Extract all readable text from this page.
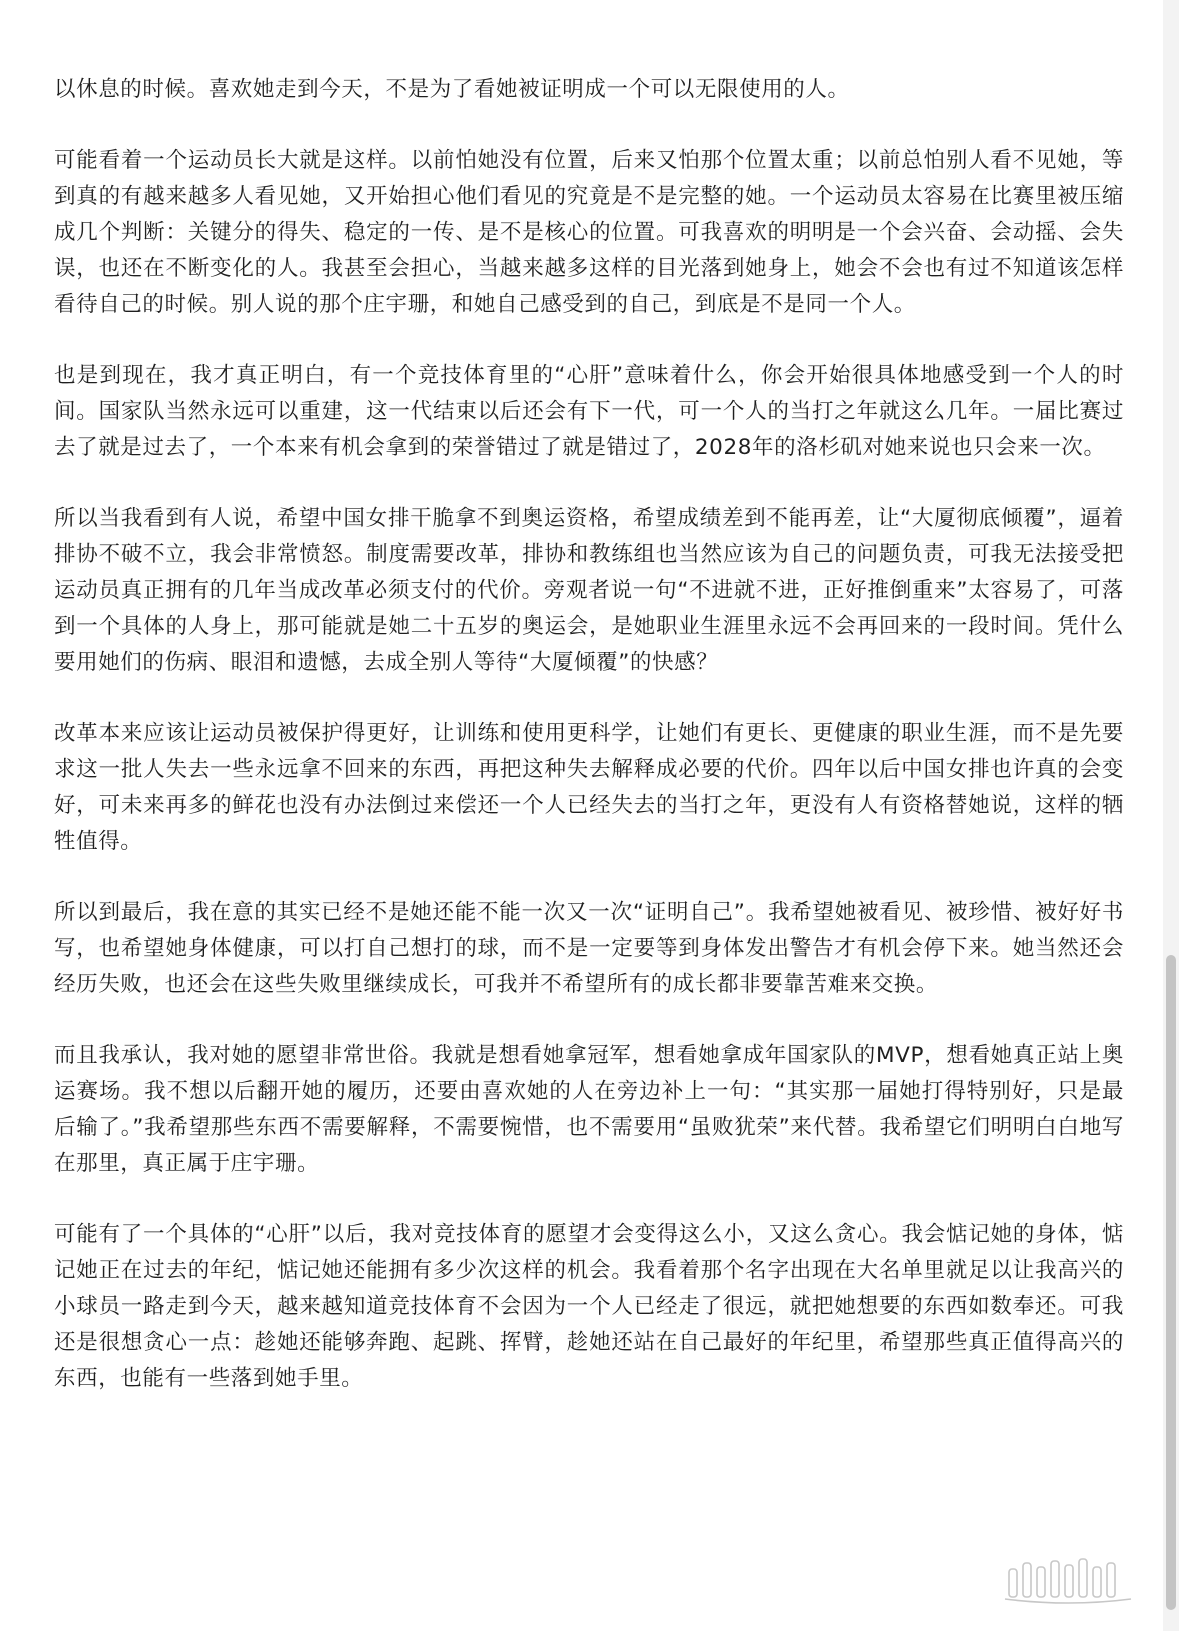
以休息的时候。喜欢她走到今天，不是为了看她被证明成一个可以无限使用的人。

可能看着一个运动员长大就是这样。以前怕她没有位置，后来又怕那个位置太重；以前总怕别人看不见她，等到真的有越来越多人看见她，又开始担心他们看见的究竟是不是完整的她。一个运动员太容易在比赛里被压缩成几个判断：关键分的得失、稳定的一传、是不是核心的位置。可我喜欢的明明是一个会兴奋、会动摇、会失误，也还在不断变化的人。我甚至会担心，当越来越多这样的目光落到她身上，她会不会也有过不知道该怎样看待自己的时候。别人说的那个庄宇珊，和她自己感受到的自己，到底是不是同一个人。

也是到现在，我才真正明白，有一个竞技体育里的“心肝”意味着什么，你会开始很具体地感受到一个人的时间。国家队当然永远可以重建，这一代结束以后还会有下一代，可一个人的当打之年就这么几年。一届比赛过去了就是过去了，一个本来有机会拿到的荣誉错过了就是错过了，2028年的洛杉矶对她来说也只会来一次。

所以当我看到有人说，希望中国女排干脆拿不到奥运资格，希望成绩差到不能再差，让“大厦彻底倾覆”，逼着排协不破不立，我会非常愤怒。制度需要改革，排协和教练组也当然应该为自己的问题负责，可我无法接受把运动员真正拥有的几年当成改革必须支付的代价。旁观者说一句“不进就不进，正好推倒重来”太容易了，可落到一个具体的人身上，那可能就是她二十五岁的奥运会，是她职业生涯里永远不会再回来的一段时间。凭什么要用她们的伤病、眼泪和遗憾，去成全别人等待“大厦倾覆”的快感？

改革本来应该让运动员被保护得更好，让训练和使用更科学，让她们有更长、更健康的职业生涯，而不是先要求这一批人失去一些永远拿不回来的东西，再把这种失去解释成必要的代价。四年以后中国女排也许真的会变好，可未来再多的鲜花也没有办法倒过来偿还一个人已经失去的当打之年，更没有人有资格替她说，这样的牺牲值得。

所以到最后，我在意的其实已经不是她还能不能一次又一次“证明自己”。我希望她被看见、被珍惜、被好好书写，也希望她身体健康，可以打自己想打的球，而不是一定要等到身体发出警告才有机会停下来。她当然还会经历失败，也还会在这些失败里继续成长，可我并不希望所有的成长都非要靠苦难来交换。

而且我承认，我对她的愿望非常世俗。我就是想看她拿冠军，想看她拿成年国家队的MVP，想看她真正站上奥运赛场。我不想以后翻开她的履历，还要由喜欢她的人在旁边补上一句：“其实那一届她打得特别好，只是最后输了。”我希望那些东西不需要解释，不需要惋惜，也不需要用“虽败犹荣”来代替。我希望它们明明白白地写在那里，真正属于庄宇珊。

可能有了一个具体的“心肝”以后，我对竞技体育的愿望才会变得这么小，又这么贪心。我会惦记她的身体，惦记她正在过去的年纪，惦记她还能拥有多少次这样的机会。我看着那个名字出现在大名单里就足以让我高兴的小球员一路走到今天，越来越知道竞技体育不会因为一个人已经走了很远，就把她想要的东西如数奉还。可我还是很想贪心一点：趁她还能够奔跑、起跳、挥臂，趁她还站在自己最好的年纪里，希望那些真正值得高兴的东西，也能有一些落到她手里。
